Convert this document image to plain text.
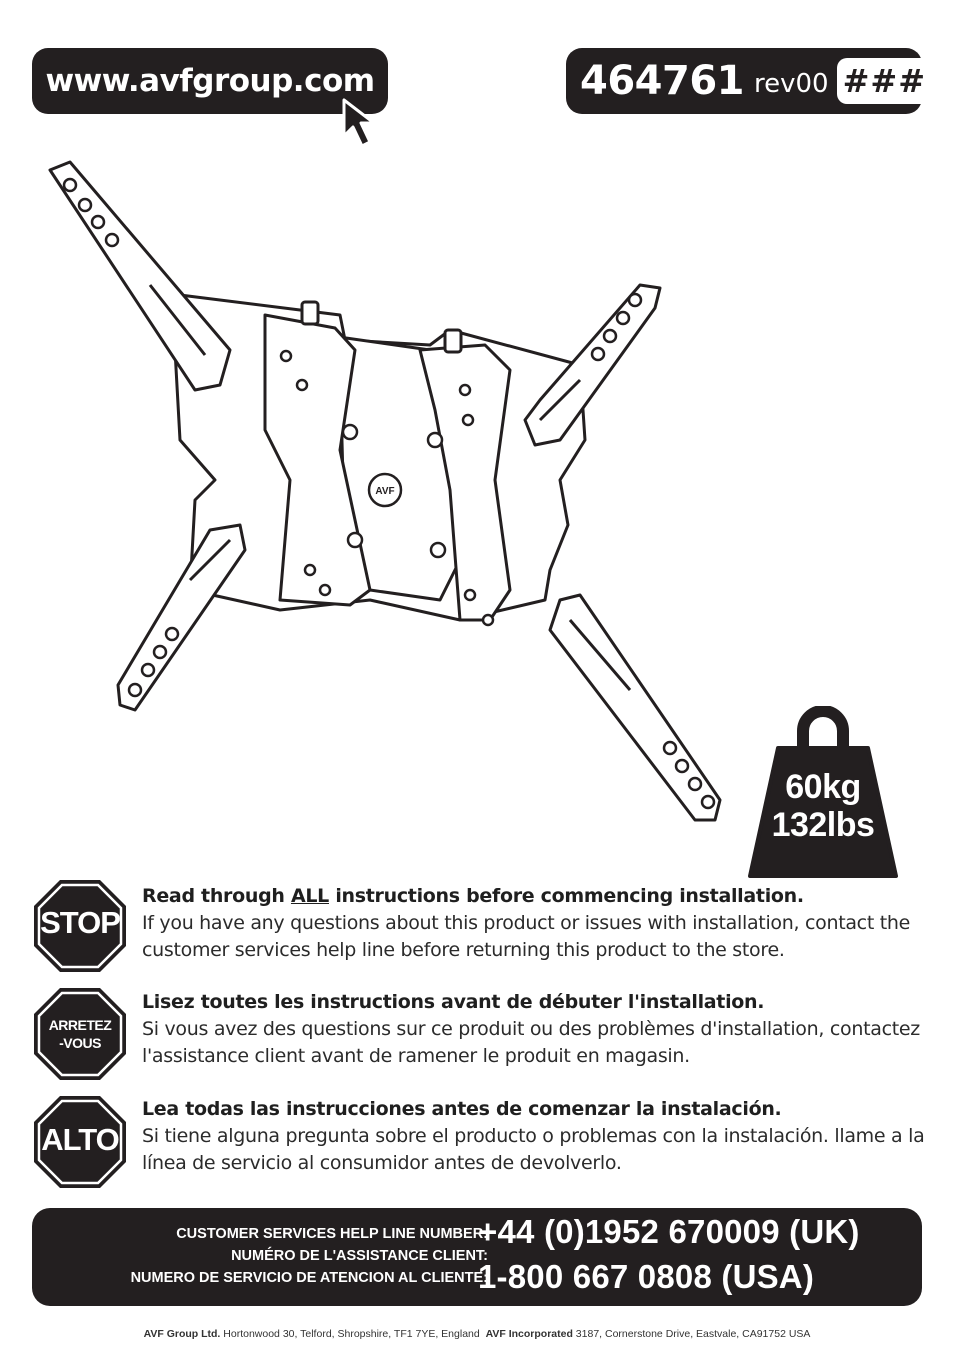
www.avfgroup.com	464761 rev00 ###
AVF
60kg
132lbs
STOP
Read through ALL instructions before commencing installation.
If you have any questions about this product or issues with installation, contact the customer services help line before returning this product to the store.
ARRETEZ
-VOUS
Lisez toutes les instructions avant de débuter l'installation.
Si vous avez des questions sur ce produit ou des problèmes d'installation, contactez l'assistance client avant de ramener le produit en magasin.
ALTO
Lea todas las instrucciones antes de comenzar la instalación.
Si tiene alguna pregunta sobre el producto o problemas con la instalación. llame a la línea de servicio al consumidor antes de devolverlo.
CUSTOMER SERVICES HELP LINE NUMBER:
NUMÉRO DE L'ASSISTANCE CLIENT:
NUMERO DE SERVICIO DE ATENCION AL CLIENTE:
+44 (0)1952 670009 (UK)
1-800 667 0808 (USA)
AVF Group Ltd. Hortonwood 30, Telford, Shropshire, TF1 7YE, England AVF Incorporated 3187, Cornerstone Drive, Eastvale, CA91752 USA
